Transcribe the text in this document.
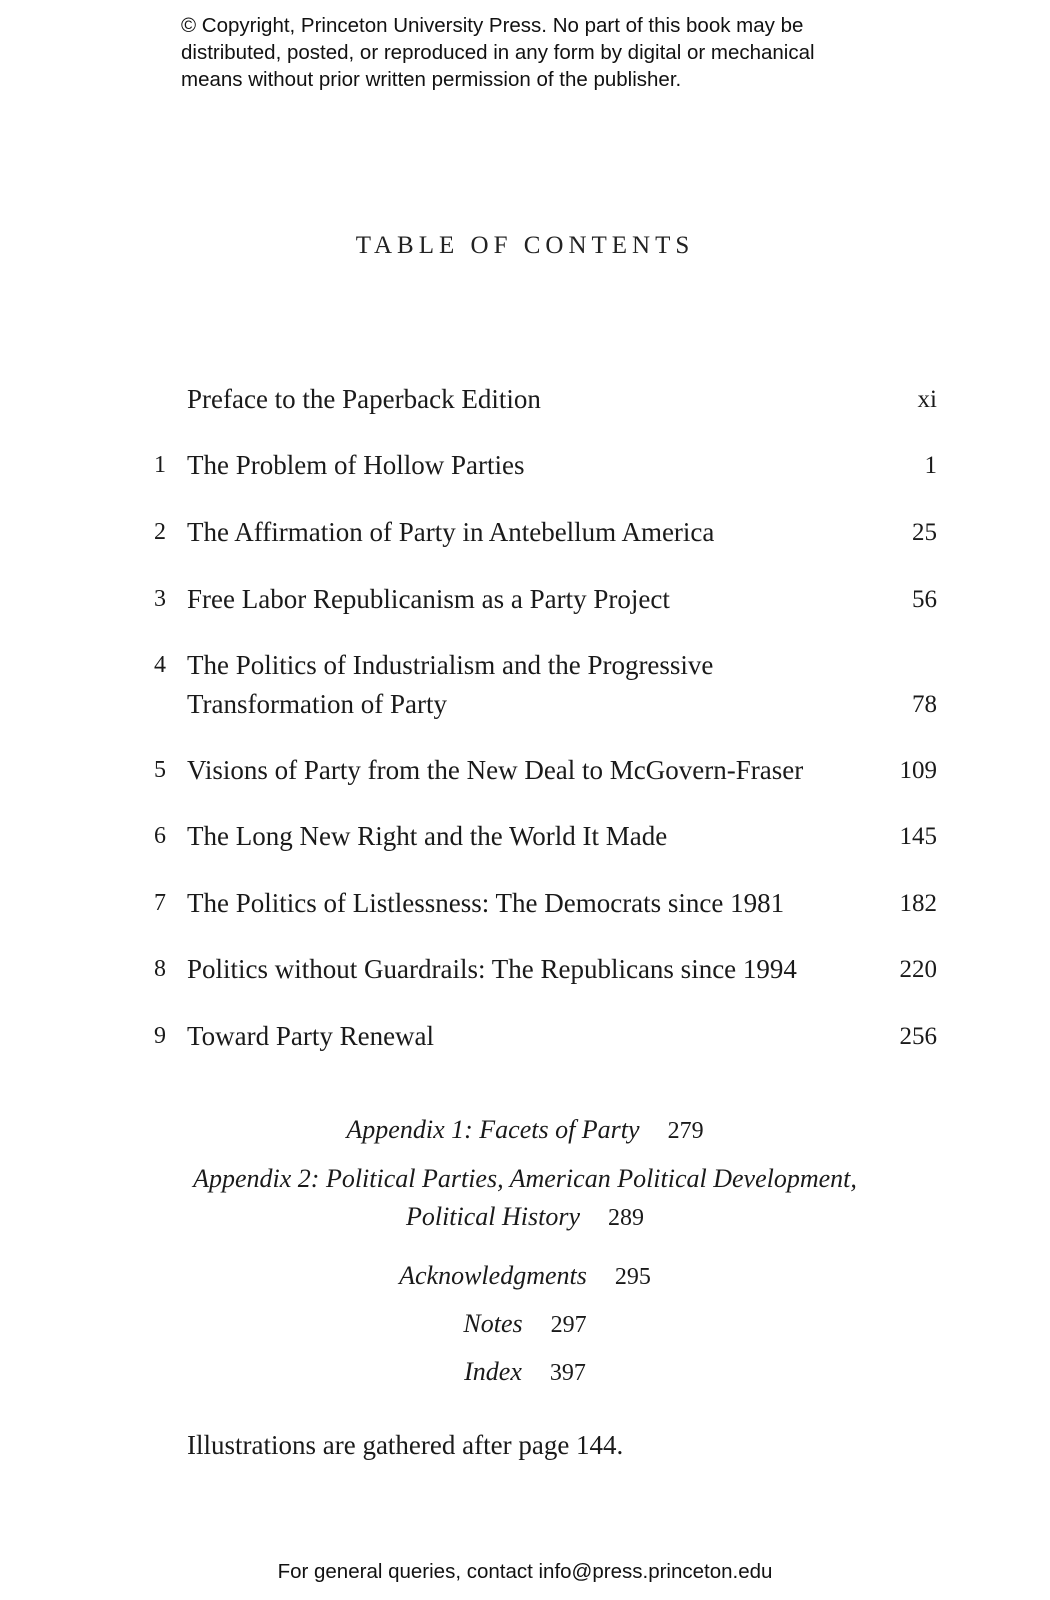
© Copyright, Princeton University Press. No part of this book may be
distributed, posted, or reproduced in any form by digital or mechanical
means without prior written permission of the publisher.
TABLE OF CONTENTS
Preface to the Paperback Edition	xi
1 The Problem of Hollow Parties	1
2 The Affirmation of Party in Antebellum America	25
3 Free Labor Republicanism as a Party Project	56
4 The Politics of Industrialism and the Progressive
Transformation of Party	78
5 Visions of Party from the New Deal to McGovern-Fraser	109
6 The Long New Right and the World It Made	145
7 The Politics of Listlessness: The Democrats since 1981	182
8 Politics without Guardrails: The Republicans since 1994	220
9 Toward Party Renewal	256
Appendix 1: Facets of Party 279
Appendix 2: Political Parties, American Political Development,
Political History 289
Acknowledgments 295
Notes 297
Index 397
Illustrations are gathered after page 144.
For general queries, contact info@press.princeton.edu
